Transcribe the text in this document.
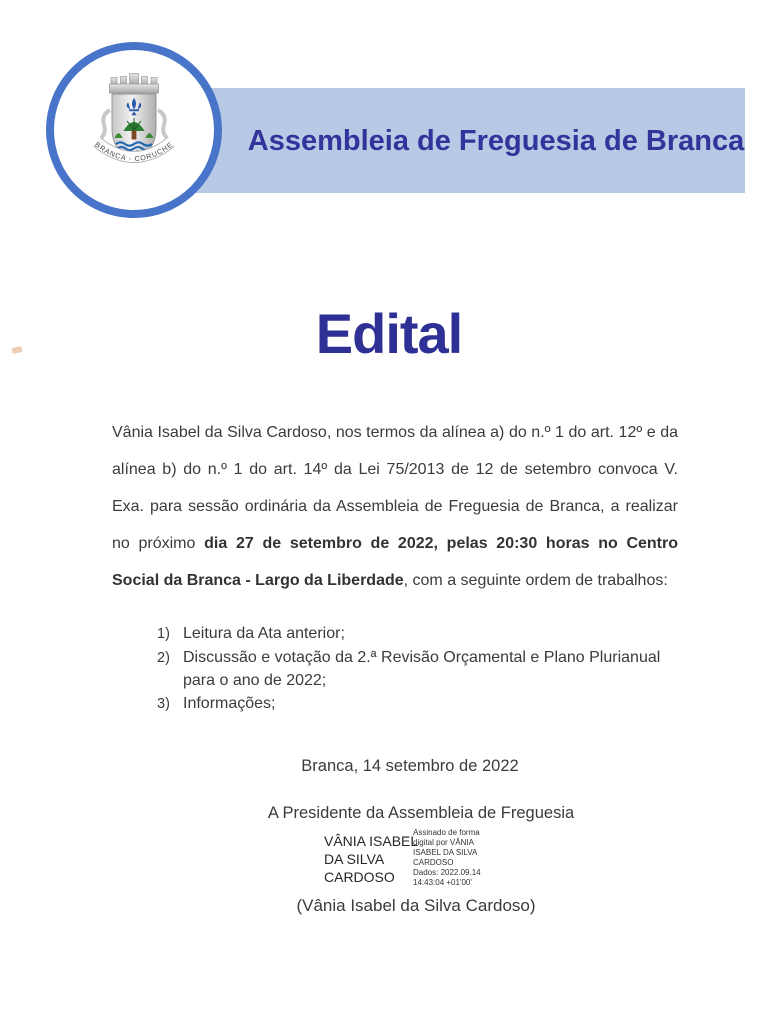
Assembleia de Freguesia de Branca
BRANCA - CORUCHE
Edital

Vânia Isabel da Silva Cardoso, nos termos da alínea a) do n.º 1 do art. 12º e da alínea b) do n.º 1 do art. 14º da Lei 75/2013 de 12 de setembro convoca V. Exa. para sessão ordinária da Assembleia de Freguesia de Branca, a realizar no próximo dia 27 de setembro de 2022, pelas 20:30 horas no Centro Social da Branca - Largo da Liberdade, com a seguinte ordem de trabalhos:

1) Leitura da Ata anterior;
2) Discussão e votação da 2.ª Revisão Orçamental e Plano Plurianual para o ano de 2022;
3) Informações;
Branca, 14 setembro de 2022
A Presidente da Assembleia de Freguesia
VÂNIA ISABEL
DA SILVA
CARDOSO
Assinado de forma
digital por VÂNIA
ISABEL DA SILVA
CARDOSO
Dados: 2022.09.14
14:43:04 +01'00'
(Vânia Isabel da Silva Cardoso)
